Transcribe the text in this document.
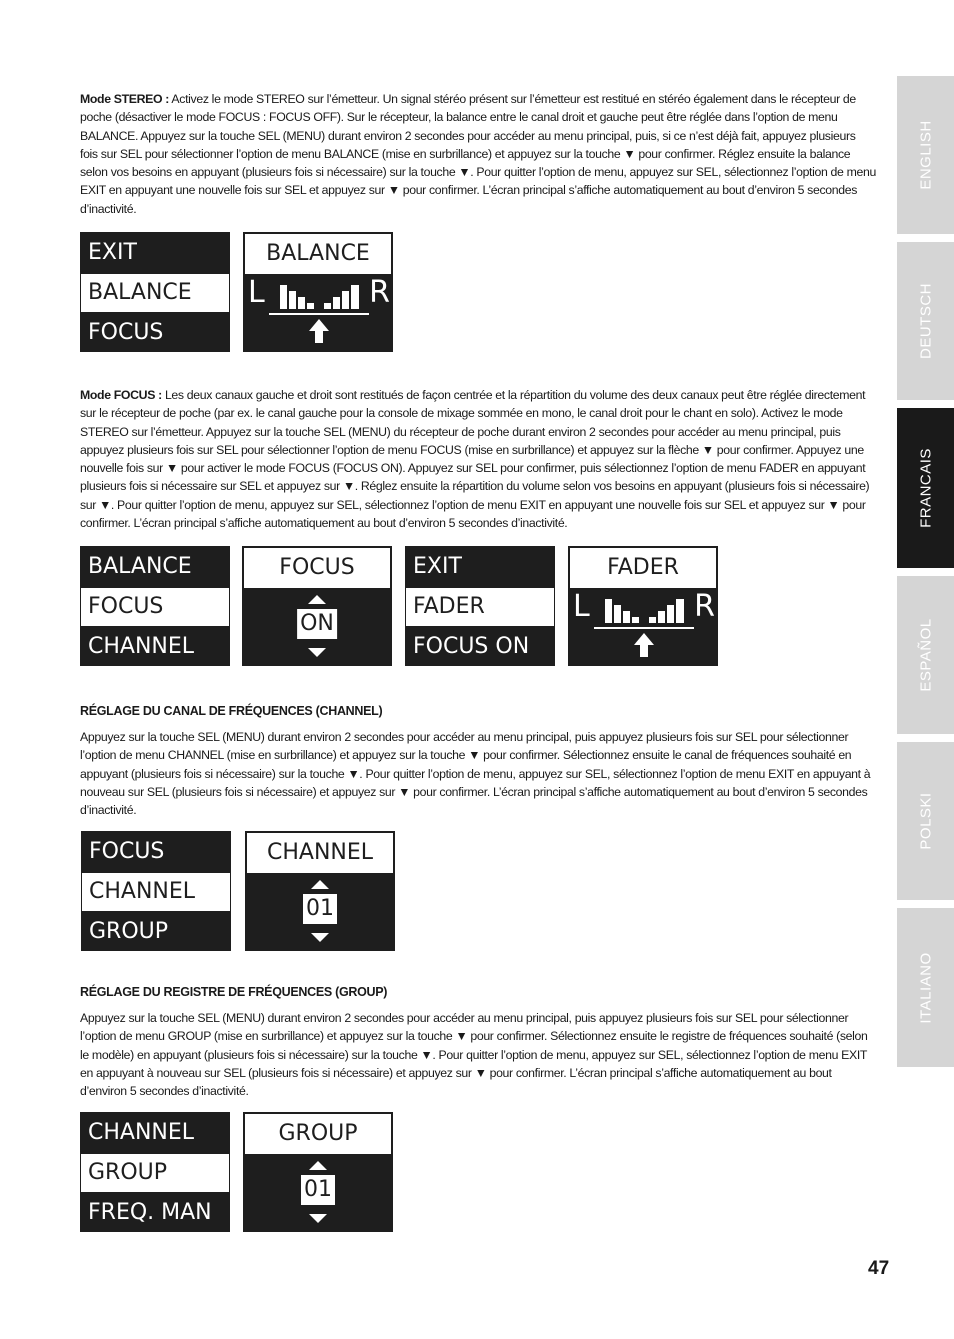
Mode STEREO : Activez le mode STEREO sur l’émetteur. Un signal stéréo présent sur l’émetteur est restitué en stéréo également dans le récepteur de poche (désactiver le mode FOCUS : FOCUS OFF). Sur le récepteur, la balance entre le canal droit et gauche peut être réglée dans l’option de menu BALANCE. Appuyez sur la touche SEL (MENU) durant environ 2 secondes pour accéder au menu principal, puis, si ce n’est déjà fait, appuyez plusieurs fois sur SEL pour sélectionner l’option de menu BALANCE (mise en surbrillance) et appuyez sur la touche ▼ pour confirmer. Réglez ensuite la balance selon vos besoins en appuyant (plusieurs fois si nécessaire) sur la touche ▼. Pour quitter l’option de menu, appuyez sur SEL, sélectionnez l’option de menu EXIT en appuyant une nouvelle fois sur SEL et appuyez sur ▼ pour confirmer. L’écran principal s’affiche automatiquement au bout d’environ 5 secondes d’inactivité.

EXIT
BALANCE
FOCUS
BALANCE
L	R

Mode FOCUS : Les deux canaux gauche et droit sont restitués de façon centrée et la répartition du volume des deux canaux peut être réglée directement sur le récepteur de poche (par ex. le canal gauche pour la console de mixage sommée en mono, le canal droit pour le chant en solo). Activez le mode STEREO sur l’émetteur. Appuyez sur la touche SEL (MENU) du récepteur de poche durant environ 2 secondes pour accéder au menu principal, puis appuyez plusieurs fois sur SEL pour sélectionner l’option de menu FOCUS (mise en surbrillance) et appuyez sur la flèche ▼ pour confirmer. Appuyez une nouvelle fois sur ▼ pour activer le mode FOCUS (FOCUS ON). Appuyez sur SEL pour confirmer, puis sélectionnez l’option de menu FADER en appuyant plusieurs fois si nécessaire sur SEL et appuyez sur ▼. Réglez ensuite la répartition du volume selon vos besoins en appuyant (plusieurs fois si nécessaire) sur ▼. Pour quitter l’option de menu, appuyez sur SEL, sélectionnez l’option de menu EXIT en appuyant une nouvelle fois sur SEL et appuyez sur ▼ pour confirmer. L’écran principal s’affiche automatiquement au bout d’environ 5 secondes d’inactivité.

BALANCE
FOCUS
CHANNEL
FOCUS
ON
EXIT
FADER
FOCUS ON
FADER
L	R

RÉGLAGE DU CANAL DE FRÉQUENCES (CHANNEL)

Appuyez sur la touche SEL (MENU) durant environ 2 secondes pour accéder au menu principal, puis appuyez plusieurs fois sur SEL pour sélectionner l’option de menu CHANNEL (mise en surbrillance) et appuyez sur la touche ▼ pour confirmer. Sélectionnez ensuite le canal de fréquences souhaité en appuyant (plusieurs fois si nécessaire) sur la touche ▼. Pour quitter l’option de menu, appuyez sur SEL, sélectionnez l’option de menu EXIT en appuyant à nouveau sur SEL (plusieurs fois si nécessaire) et appuyez sur ▼ pour confirmer. L’écran principal s’affiche automatiquement au bout d’environ 5 secondes d’inactivité.

FOCUS
CHANNEL
GROUP
CHANNEL
01

RÉGLAGE DU REGISTRE DE FRÉQUENCES (GROUP)

Appuyez sur la touche SEL (MENU) durant environ 2 secondes pour accéder au menu principal, puis appuyez plusieurs fois sur SEL pour sélectionner l’option de menu GROUP (mise en surbrillance) et appuyez sur la touche ▼ pour confirmer. Sélectionnez ensuite le registre de fréquences souhaité (selon le modèle) en appuyant (plusieurs fois si nécessaire) sur la touche ▼. Pour quitter l’option de menu, appuyez sur SEL, sélectionnez l’option de menu EXIT en appuyant à nouveau sur SEL (plusieurs fois si nécessaire) et appuyez sur ▼ pour confirmer. L’écran principal s’affiche automatiquement au bout d’environ 5 secondes d’inactivité.

CHANNEL
GROUP
FREQ. MAN
GROUP
01
ENGLISH
DEUTSCH
FRANCAIS
ESPAÑOL
POLSKI
ITALIANO
47
